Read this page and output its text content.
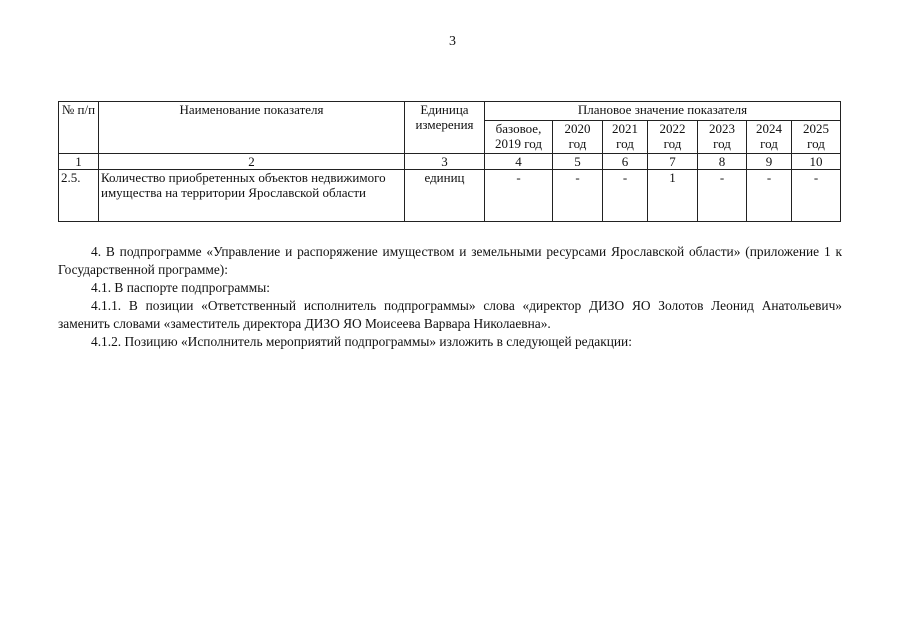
3
№ п/п	Наименование показателя	Единица измерения	Плановое значение показателя						
			базовое, 2019 год	2020 год	2021 год	2022 год	2023 год	2024 год	2025 год
1	2	3	4	5	6	7	8	9	10
2.5.	Количество приобретенных объектов недвижимого имущества на территории Ярославской области	единиц	-	-	-	1	-	-	-

4. В подпрограмме «Управление и распоряжение имуществом и земельными ресурсами Ярославской области» (приложение 1 к Государственной программе):

4.1. В паспорте подпрограммы:

4.1.1. В позиции «Ответственный исполнитель подпрограммы» слова «директор ДИЗО ЯО Золотов Леонид Анатольевич» заменить словами «заместитель директора ДИЗО ЯО Моисеева Варвара Николаевна».

4.1.2. Позицию «Исполнитель мероприятий подпрограммы» изложить в следующей редакции:
